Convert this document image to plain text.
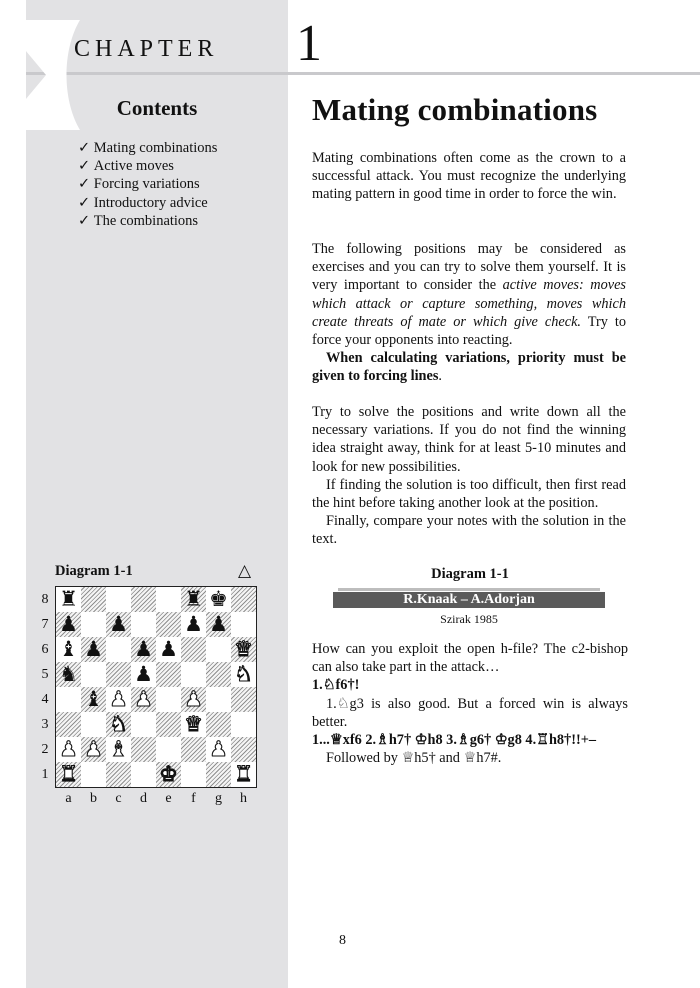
CHAPTER 1
Contents
✓ Mating combinations
✓ Active moves
✓ Forcing variations
✓ Introductory advice
✓ The combinations
Mating combinations

Mating combinations often come as the crown to a successful attack. You must recognize the underlying mating pattern in good time in order to force the win.

The following positions may be considered as exercises and you can try to solve them yourself. It is very important to consider the active moves: moves which attack or capture something, moves which create threats of mate or which give check. Try to force your opponents into reacting.

When calculating variations, priority must be given to forcing lines.

Try to solve the positions and write down all the necessary variations. If you do not find the winning idea straight away, think for at least 5-10 minutes and look for new possibilities.

If finding the solution is too difficult, then first read the hint before taking another look at the position.

Finally, compare your notes with the solution in the text.

Diagram 1-1	△
♜	♜ ♚
♟ ♟	♟ ♟
♝ ♟ ♟ ♟	♛
♞	♟	♞
♝ ♟ ♟ ♟
♞	♛
♟ ♟ ♝	♟
♜	♚	♜
8
7
6
5
4
3
2
1
a	b	c	d	e	f	g	h
Diagram 1-1
R.Knaak – A.Adorjan
Szirak 1985

How can you exploit the open h-file? The c2-bishop can also take part in the attack…

1.♘f6†!

1.♘g3 is also good. But a forced win is always better.

1...♕xf6 2.♗h7† ♔h8 3.♗g6† ♔g8 4.♖h8†!!+–

Followed by ♕h5† and ♕h7#.

8
